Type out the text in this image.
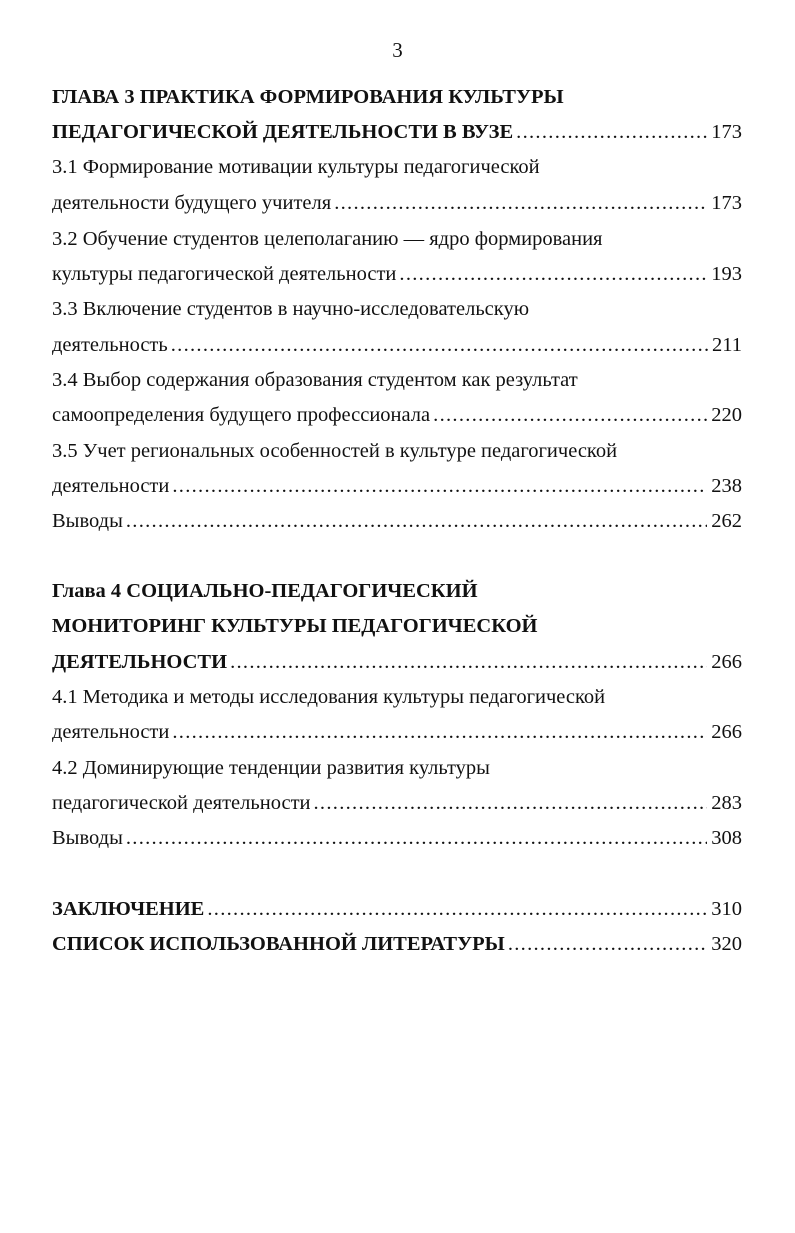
3
ГЛАВА 3 ПРАКТИКА ФОРМИРОВАНИЯ КУЛЬТУРЫ
ПЕДАГОГИЧЕСКОЙ ДЕЯТЕЛЬНОСТИ В ВУЗЕ .....	173
3.1 Формирование мотивации культуры педагогической
деятельности будущего учителя .....	173
3.2 Обучение студентов целеполаганию — ядро формирования
культуры педагогической деятельности .....	193
3.3 Включение студентов в научно-исследовательскую
деятельность .....	211
3.4 Выбор содержания образования студентом как результат
самоопределения будущего профессионала .....	220
3.5 Учет региональных особенностей в культуре педагогической
деятельности .....	238
Выводы .....	262
Глава 4 СОЦИАЛЬНО-ПЕДАГОГИЧЕСКИЙ
МОНИТОРИНГ КУЛЬТУРЫ ПЕДАГОГИЧЕСКОЙ
ДЕЯТЕЛЬНОСТИ .....	266
4.1 Методика и методы исследования культуры педагогической
деятельности .....	266
4.2 Доминирующие тенденции развития культуры
педагогической деятельности .....	283
Выводы .....	308
ЗАКЛЮЧЕНИЕ .....	310
СПИСОК ИСПОЛЬЗОВАННОЙ ЛИТЕРАТУРЫ .....	320
